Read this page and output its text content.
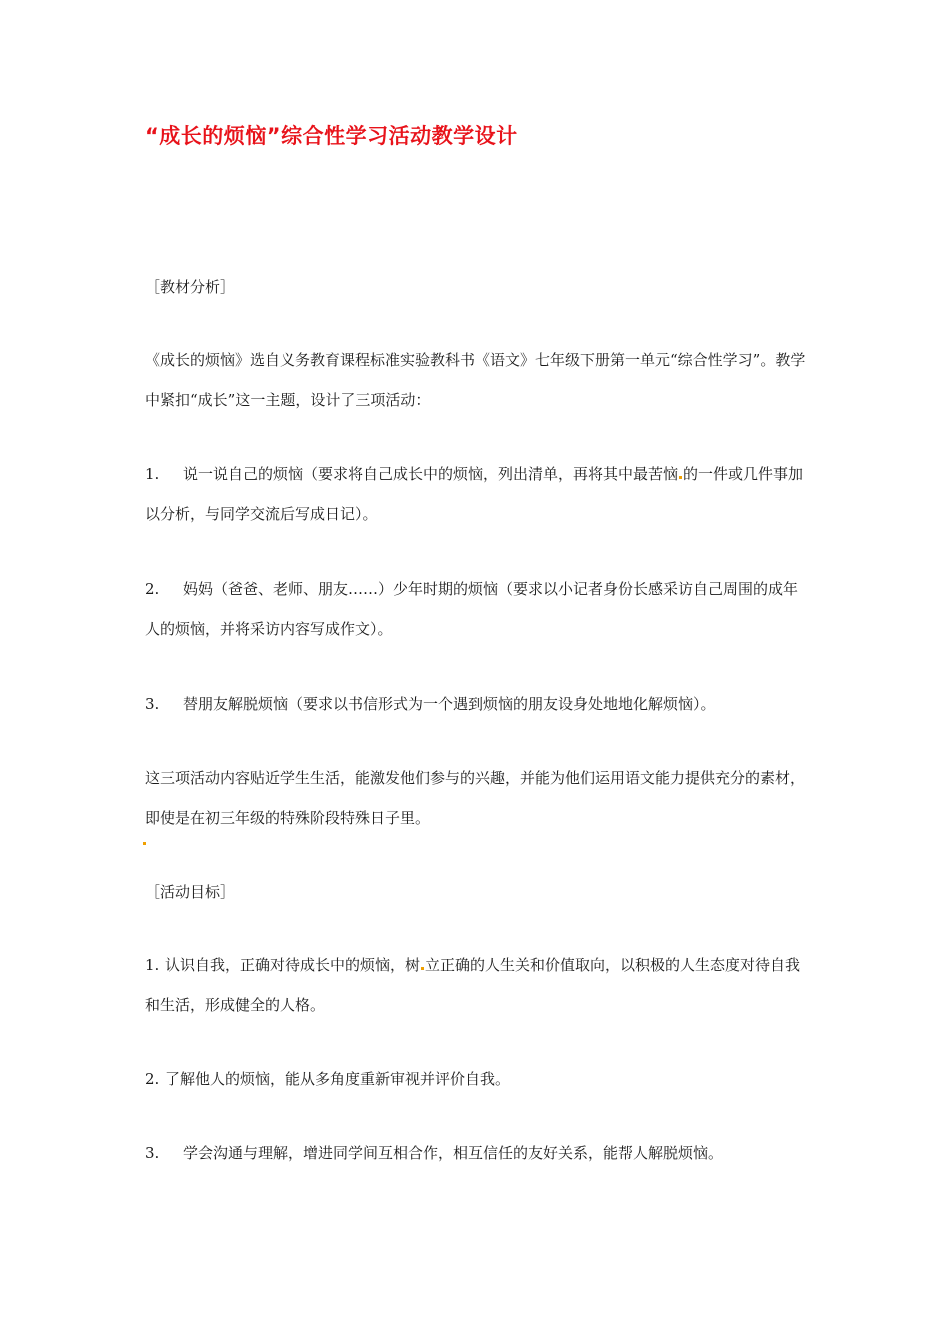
“成长的烦恼”综合性学习活动教学设计
［教材分析］
《成长的烦恼》选自义务教育课程标准实验教科书《语文》七年级下册第一单元“综合性学习”。教学中紧扣“成长”这一主题，设计了三项活动：
1. 说一说自己的烦恼（要求将自己成长中的烦恼，列出清单，再将其中最苦恼 的一件或几件事加以分析，与同学交流后写成日记）。
2. 妈妈（爸爸、老师、朋友……）少年时期的烦恼（要求以小记者身份长感采访自己周围的成年人的烦恼，并将采访内容写成作文）。
3. 替朋友解脱烦恼（要求以书信形式为一个遇到烦恼的朋友设身处地地化解烦恼）。
这三项活动内容贴近学生生活，能激发他们参与的兴趣，并能为他们运用语文能力提供充分的素材，即使是在初三年级的特殊阶段特殊日子里。
［活动目标］
1. 认识自我，正确对待成长中的烦恼，树 立正确的人生关和价值取向，以积极的人生态度对待自我和生活，形成健全的人格。
2. 了解他人的烦恼，能从多角度重新审视并评价自我。
3. 学会沟通与理解，增进同学间互相合作，相互信任的友好关系，能帮人解脱烦恼。
